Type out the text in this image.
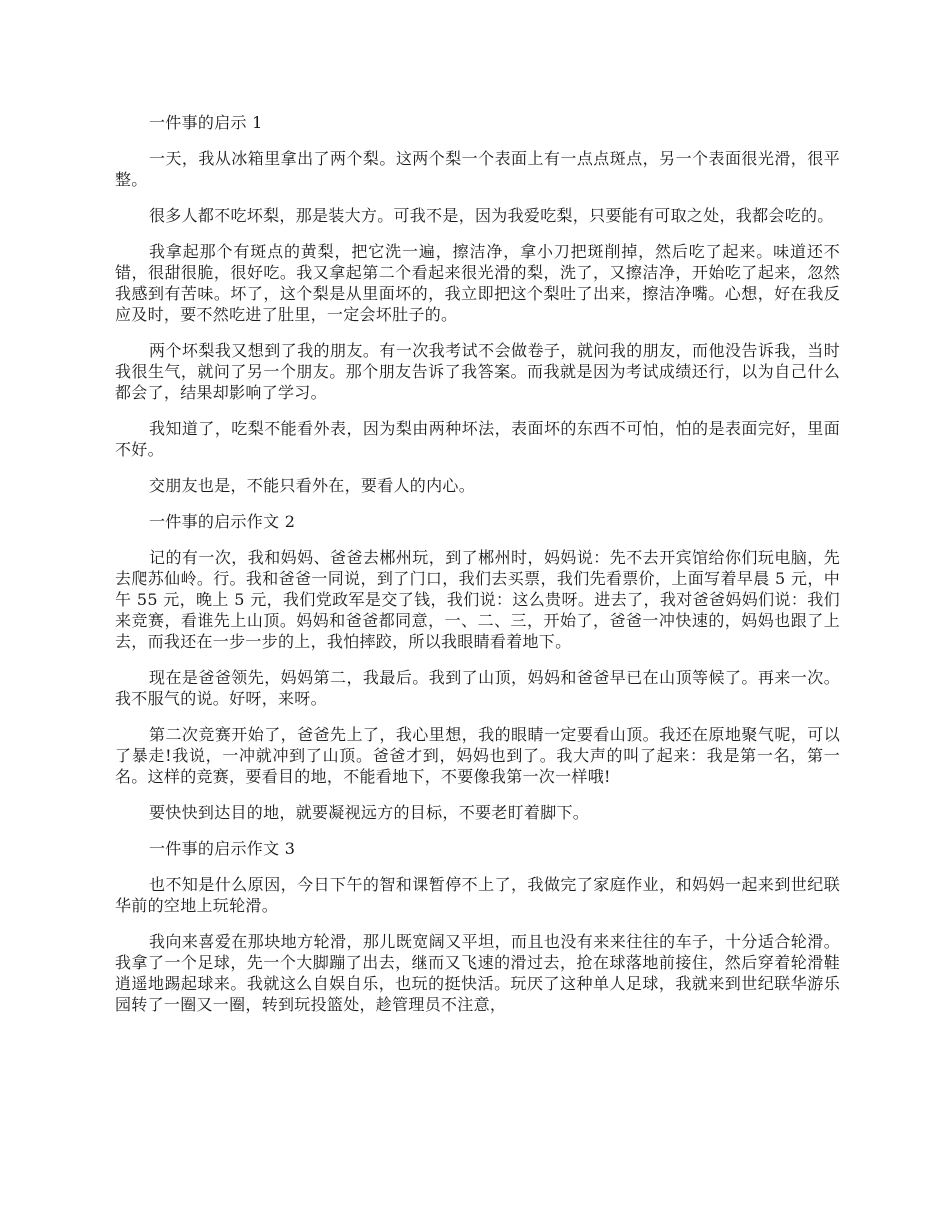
一件事的启示 1

一天，我从冰箱里拿出了两个梨。这两个梨一个表面上有一点点斑点，另一个表面很光滑，很平整。

很多人都不吃坏梨，那是装大方。可我不是，因为我爱吃梨，只要能有可取之处，我都会吃的。

我拿起那个有斑点的黄梨，把它洗一遍，擦洁净，拿小刀把斑削掉，然后吃了起来。味道还不错，很甜很脆，很好吃。我又拿起第二个看起来很光滑的梨，洗了，又擦洁净，开始吃了起来，忽然我感到有苦味。坏了，这个梨是从里面坏的，我立即把这个梨吐了出来，擦洁净嘴。心想，好在我反应及时，要不然吃进了肚里，一定会坏肚子的。

两个坏梨我又想到了我的朋友。有一次我考试不会做卷子，就问我的朋友，而他没告诉我，当时我很生气，就问了另一个朋友。那个朋友告诉了我答案。而我就是因为考试成绩还行，以为自己什么都会了，结果却影响了学习。

我知道了，吃梨不能看外表，因为梨由两种坏法，表面坏的东西不可怕，怕的是表面完好，里面不好。

交朋友也是，不能只看外在，要看人的内心。

一件事的启示作文 2

记的有一次，我和妈妈、爸爸去郴州玩，到了郴州时，妈妈说：先不去开宾馆给你们玩电脑，先去爬苏仙岭。行。我和爸爸一同说，到了门口，我们去买票，我们先看票价，上面写着早晨 5 元，中午 55 元，晚上 5 元，我们党政军是交了钱，我们说：这么贵呀。进去了，我对爸爸妈妈们说：我们来竞赛，看谁先上山顶。妈妈和爸爸都同意，一、二、三，开始了，爸爸一冲快速的，妈妈也跟了上去，而我还在一步一步的上，我怕摔跤，所以我眼睛看着地下。

现在是爸爸领先，妈妈第二，我最后。我到了山顶，妈妈和爸爸早已在山顶等候了。再来一次。我不服气的说。好呀，来呀。

第二次竞赛开始了，爸爸先上了，我心里想，我的眼睛一定要看山顶。我还在原地聚气呢，可以了暴走!我说，一冲就冲到了山顶。爸爸才到，妈妈也到了。我大声的叫了起来：我是第一名，第一名。这样的竞赛，要看目的地，不能看地下，不要像我第一次一样哦!

要快快到达目的地，就要凝视远方的目标，不要老盯着脚下。

一件事的启示作文 3

也不知是什么原因，今日下午的智和课暂停不上了，我做完了家庭作业，和妈妈一起来到世纪联华前的空地上玩轮滑。

我向来喜爱在那块地方轮滑，那儿既宽阔又平坦，而且也没有来来往往的车子，十分适合轮滑。我拿了一个足球，先一个大脚蹦了出去，继而又飞速的滑过去，抢在球落地前接住，然后穿着轮滑鞋逍遥地踢起球来。我就这么自娱自乐，也玩的挺快活。玩厌了这种单人足球，我就来到世纪联华游乐园转了一圈又一圈，转到玩投篮处，趁管理员不注意，
